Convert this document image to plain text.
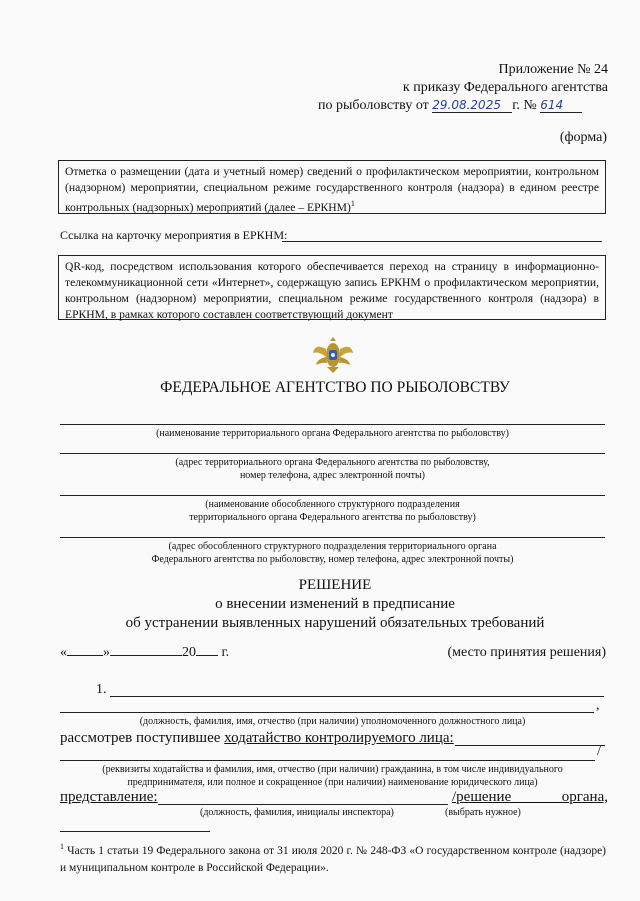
Приложение № 24
к приказу Федерального агентства
по рыболовству от 29.08.2025 г. № 614
(форма)
Отметка о размещении (дата и учетный номер) сведений о профилактическом мероприятии, контрольном (надзорном) мероприятии, специальном режиме государственного контроля (надзора) в едином реестре контрольных (надзорных) мероприятий (далее – ЕРКНМ)$^1$
Ссылка на карточку мероприятия в ЕРКНМ:
QR-код, посредством использования которого обеспечивается переход на страницу в информационно-телекоммуникационной сети «Интернет», содержащую запись ЕРКНМ о профилактическом мероприятии, контрольном (надзорном) мероприятии, специальном режиме государственного контроля (надзора) в ЕРКНМ, в рамках которого составлен соответствующий документ
ФЕДЕРАЛЬНОЕ АГЕНТСТВО ПО РЫБОЛОВСТВУ
(наименование территориального органа Федерального агентства по рыболовству)
(адрес территориального органа Федерального агентства по рыболовству,
номер телефона, адрес электронной почты)
(наименование обособленного структурного подразделения
территориального органа Федерального агентства по рыболовству)
(адрес обособленного структурного подразделения территориального органа
Федерального агентства по рыболовству, номер телефона, адрес электронной почты)
РЕШЕНИЕ
о внесении изменений в предписание
об устранении выявленных нарушений обязательных требований
«	»	20 г.	(место принятия решения)
1.
,
(должность, фамилия, имя, отчество (при наличии) уполномоченного должностного лица)
рассмотрев поступившее ходатайство контролируемого лица:
/
(реквизиты ходатайства и фамилия, имя, отчество (при наличии) гражданина, в том числе индивидуального
предпринимателя, или полное и сокращенное (при наличии) наименование юридического лица)
представление:	/решение органа,
(должность, фамилия, инициалы инспектора)	(выбрать нужное)
$^1$ Часть 1 статьи 19 Федерального закона от 31 июля 2020 г. № 248-ФЗ «О государственном контроле (надзоре) и муниципальном контроле в Российской Федерации».
